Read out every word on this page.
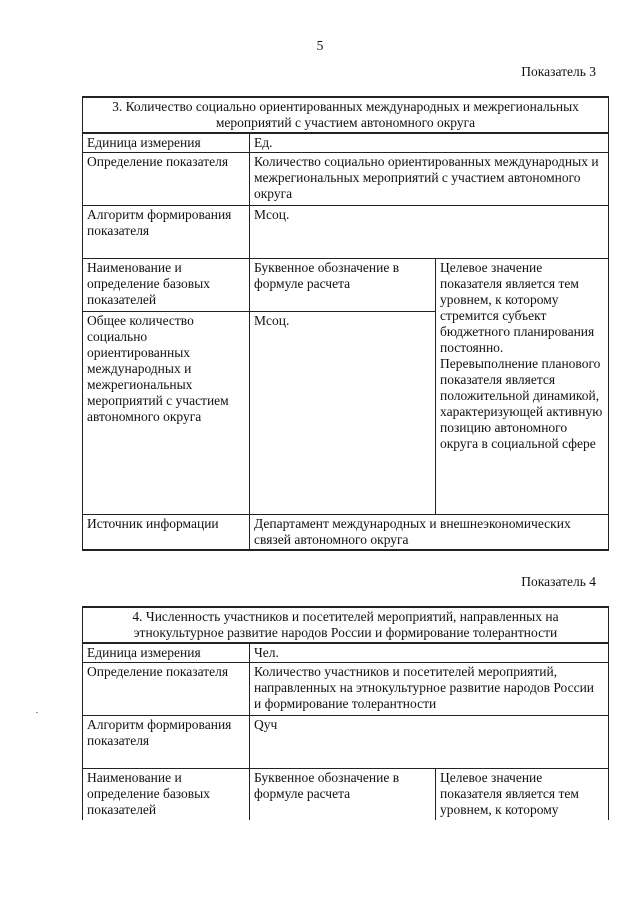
5
Показатель 3
3. Количество социально ориентированных международных и межрегиональных мероприятий с участием автономного округа		
Единица измерения	Ед.	
Определение показателя	Количество социально ориентированных международных и межрегиональных мероприятий с участием автономного округа	
Алгоритм формирования показателя	Мсоц.	
Наименование и определение базовых показателей	Буквенное обозначение в формуле расчета	Целевое значение показателя является тем уровнем, к которому стремится субъект бюджетного планирования постоянно. Перевыполнение планового показателя является положительной динамикой, характеризующей активную позицию автономного округа в социальной сфере
Общее количество социально ориентированных международных и межрегиональных мероприятий с участием автономного округа	Мсоц.	
Источник информации	Департамент международных и внешнеэкономических связей автономного округа	
Показатель 4
4. Численность участников и посетителей мероприятий, направленных на этнокультурное развитие народов России и формирование толерантности		
Единица измерения	Чел.	
Определение показателя	Количество участников и посетителей мероприятий, направленных на этнокультурное развитие народов России и формирование толерантности	
Алгоритм формирования показателя	Qуч	
Наименование и определение базовых показателей	Буквенное обозначение в формуле расчета	Целевое значение показателя является тем уровнем, к которому
